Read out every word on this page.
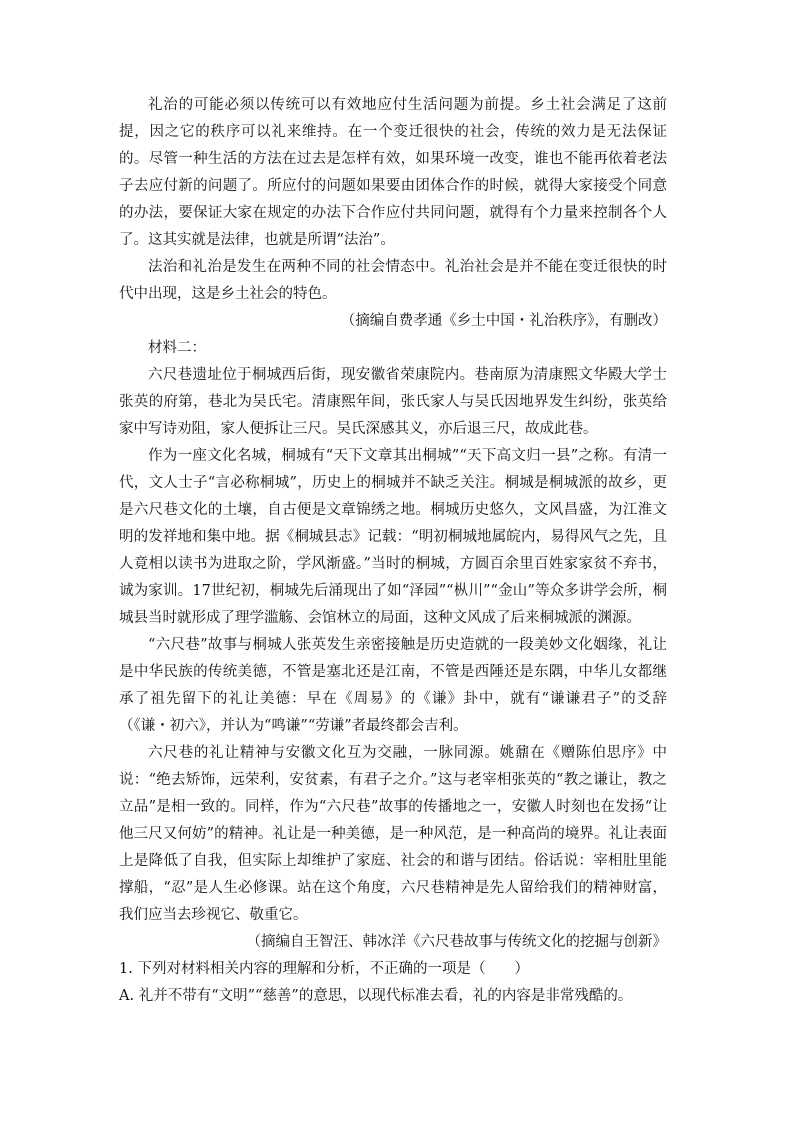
礼治的可能必须以传统可以有效地应付生活问题为前提。乡土社会满足了这前提，因之它的秩序可以礼来维持。在一个变迁很快的社会，传统的效力是无法保证的。尽管一种生活的方法在过去是怎样有效，如果环境一改变，谁也不能再依着老法子去应付新的问题了。所应付的问题如果要由团体合作的时候，就得大家接受个同意的办法，要保证大家在规定的办法下合作应付共同问题，就得有个力量来控制各个人了。这其实就是法律，也就是所谓“法治”。

法治和礼治是发生在两种不同的社会情态中。礼治社会是并不能在变迁很快的时代中出现，这是乡土社会的特色。

（摘编自费孝通《乡土中国・礼治秩序》，有删改）

材料二：

六尺巷遗址位于桐城西后街，现安徽省荣康院内。巷南原为清康熙文华殿大学士张英的府第，巷北为吴氏宅。清康熙年间，张氏家人与吴氏因地界发生纠纷，张英给家中写诗劝阻，家人便拆让三尺。吴氏深感其义，亦后退三尺，故成此巷。

作为一座文化名城，桐城有“天下文章其出桐城”“天下高文归一县”之称。有清一代，文人士子“言必称桐城”，历史上的桐城并不缺乏关注。桐城是桐城派的故乡，更是六尺巷文化的土壤，自古便是文章锦绣之地。桐城历史悠久，文风昌盛，为江淮文明的发祥地和集中地。据《桐城县志》记载：“明初桐城地属皖内，易得风气之先，且人竟相以读书为进取之阶，学风渐盛。”当时的桐城，方圆百余里百姓家家贫不弃书，诚为家训。17世纪初，桐城先后涌现出了如“泽园”“枞川”“金山”等众多讲学会所，桐城县当时就形成了理学滥觞、会馆林立的局面，这种文风成了后来桐城派的渊源。

“六尺巷”故事与桐城人张英发生亲密接触是历史造就的一段美妙文化姻缘，礼让是中华民族的传统美德，不管是塞北还是江南，不管是西陲还是东隅，中华儿女都继承了祖先留下的礼让美德：早在《周易》的《谦》卦中，就有“谦谦君子”的爻辞（《谦・初六》，并认为“鸣谦”“劳谦”者最终都会吉利。

六尺巷的礼让精神与安徽文化互为交融，一脉同源。姚鼐在《赠陈伯思序》中说：“绝去矫饰，远荣利，安贫素，有君子之介。”这与老宰相张英的“教之谦让，教之立品”是相一致的。同样，作为“六尺巷”故事的传播地之一，安徽人时刻也在发扬“让他三尺又何妨”的精神。礼让是一种美德，是一种风范，是一种高尚的境界。礼让表面上是降低了自我，但实际上却维护了家庭、社会的和谐与团结。俗话说：宰相肚里能撑船，“忍”是人生必修课。站在这个角度，六尺巷精神是先人留给我们的精神财富，我们应当去珍视它、敬重它。

（摘编自王智汪、韩冰洋《六尺巷故事与传统文化的挖掘与创新》

1. 下列对材料相关内容的理解和分析，不正确的一项是（　　）

A. 礼并不带有“文明”“慈善”的意思，以现代标准去看，礼的内容是非常残酷的。
